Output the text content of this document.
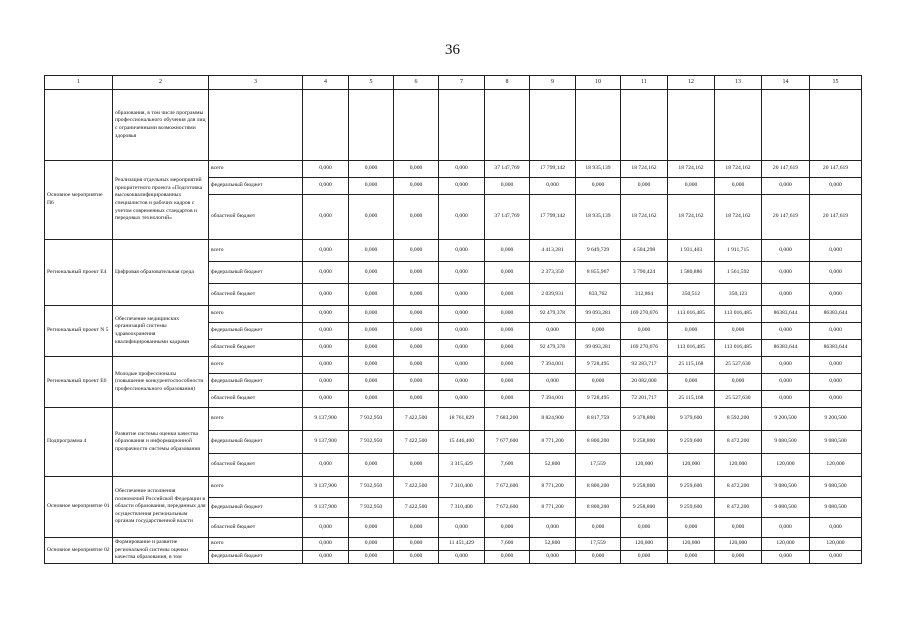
36
1	2	3	4	5	6	7	8	9	10	11	12	13	14	15
	образования, в том числе программы профессионального обучения для лиц с ограниченными возможностями здоровья													
Основное мероприятие П6	Реализация отдельных мероприятий приоритетного проекта «Подготовка высококвалифицированных специалистов и рабочих кадров с учетом современных стандартов и передовых технологий»	всего	0,000	0,000	0,000	0,000	37 147,769	17 799,142	18 935,139	18 724,162	18 724,162	18 724,162	20 147,619	20 147,619
		федеральный бюджет	0,000	0,000	0,000	0,000	0,000	0,000	0,000	0,000	0,000	0,000	0,000	0,000
		областной бюджет	0,000	0,000	0,000	0,000	37 147,769	17 799,142	18 935,139	18 724,162	18 724,162	18 724,162	20 147,619	20 147,619
Региональный проект Е4	Цифровая образовательная среда	всего	0,000	0,000	0,000	0,000	0,000	4 413,281	9 649,729	4 504,298	1 931,403	1 911,715	0,000	0,000
		федеральный бюджет	0,000	0,000	0,000	0,000	0,000	2 373,350	8 855,967	3 790,424	1 580,886	1 561,592	0,000	0,000
		областной бюджет	0,000	0,000	0,000	0,000	0,000	2 039,931	833,762	312,864	350,512	350,123	0,000	0,000
Региональный проект N 5	Обеспечение медицинских организаций системы здравоохранения квалифицированными кадрами	всего	0,000	0,000	0,000	0,000	0,000	92 479,378	99 093,281	169 270,676	113 016,485	113 016,485	86383,644	86383,644
		федеральный бюджет	0,000	0,000	0,000	0,000	0,000	0,000	0,000	0,000	0,000	0,000	0,000	0,000
		областной бюджет	0,000	0,000	0,000	0,000	0,000	92 479,378	99 093,281	169 270,676	113 016,485	113 016,485	86383,644	86383,644
Региональный проект Е6	Молодые профессионалы (повышение конкурентоспособности профессионального образования)	всего	0,000	0,000	0,000	0,000	0,000	7 394,001	9 728,495	92 283,717	25 115,168	25 527,630	0,000	0,000
		федеральный бюджет	0,000	0,000	0,000	0,000	0,000	0,000	0,000	20 082,000	0,000	0,000	0,000	0,000
		областной бюджет	0,000	0,000	0,000	0,000	0,000	7 394,001	9 728,495	72 201,717	25 115,168	25 527,630	0,000	0,000
Подпрограмма 4	Развитие системы оценки качества образования и информационной прозрачности системы образования	всего	9 137,900	7 932,950	7 422,500	18 761,829	7 683,200	8 824,900	8 817,759	9 378,800	9 379,600	8 592,200	9 200,500	9 200,500
		федеральный бюджет	9 137,900	7 932,950	7 422,500	15 446,400	7 677,600	8 771,200	8 800,200	9 258,800	9 259,600	8 472,200	9 080,500	9 080,500
		областной бюджет	0,000	0,000	0,000	3 315,429	7,600	52,800	17,559	120,000	120,000	120,000	120,000	120,000
Основное мероприятие 01	Обеспечение исполнения полномочий Российской Федерации в области образования, переданных для осуществления региональным органам государственной власти	всего	9 137,900	7 932,950	7 422,500	7 310,400	7 672,600	8 771,200	8 800,200	9 258,800	9 259,600	8 472,200	9 080,500	9 080,500
		федеральный бюджет	9 137,900	7 932,950	7 422,500	7 310,400	7 672,600	8 771,200	8 800,200	9 258,800	9 259,600	8 472,200	9 080,500	9 080,500
		областной бюджет	0,000	0,000	0,000	0,000	0,000	0,000	0,000	0,000	0,000	0,000	0,000	0,000
Основное мероприятие 02	Формирование и развитие региональной системы оценки качества образования, в том	всего	0,000	0,000	0,000	11 451,429	7,600	52,800	17,559	120,000	120,000	120,000	120,000	120,000
		федеральный бюджет	0,000	0,000	0,000	0,000	0,000	0,000	0,000	0,000	0,000	0,000	0,000	0,000
